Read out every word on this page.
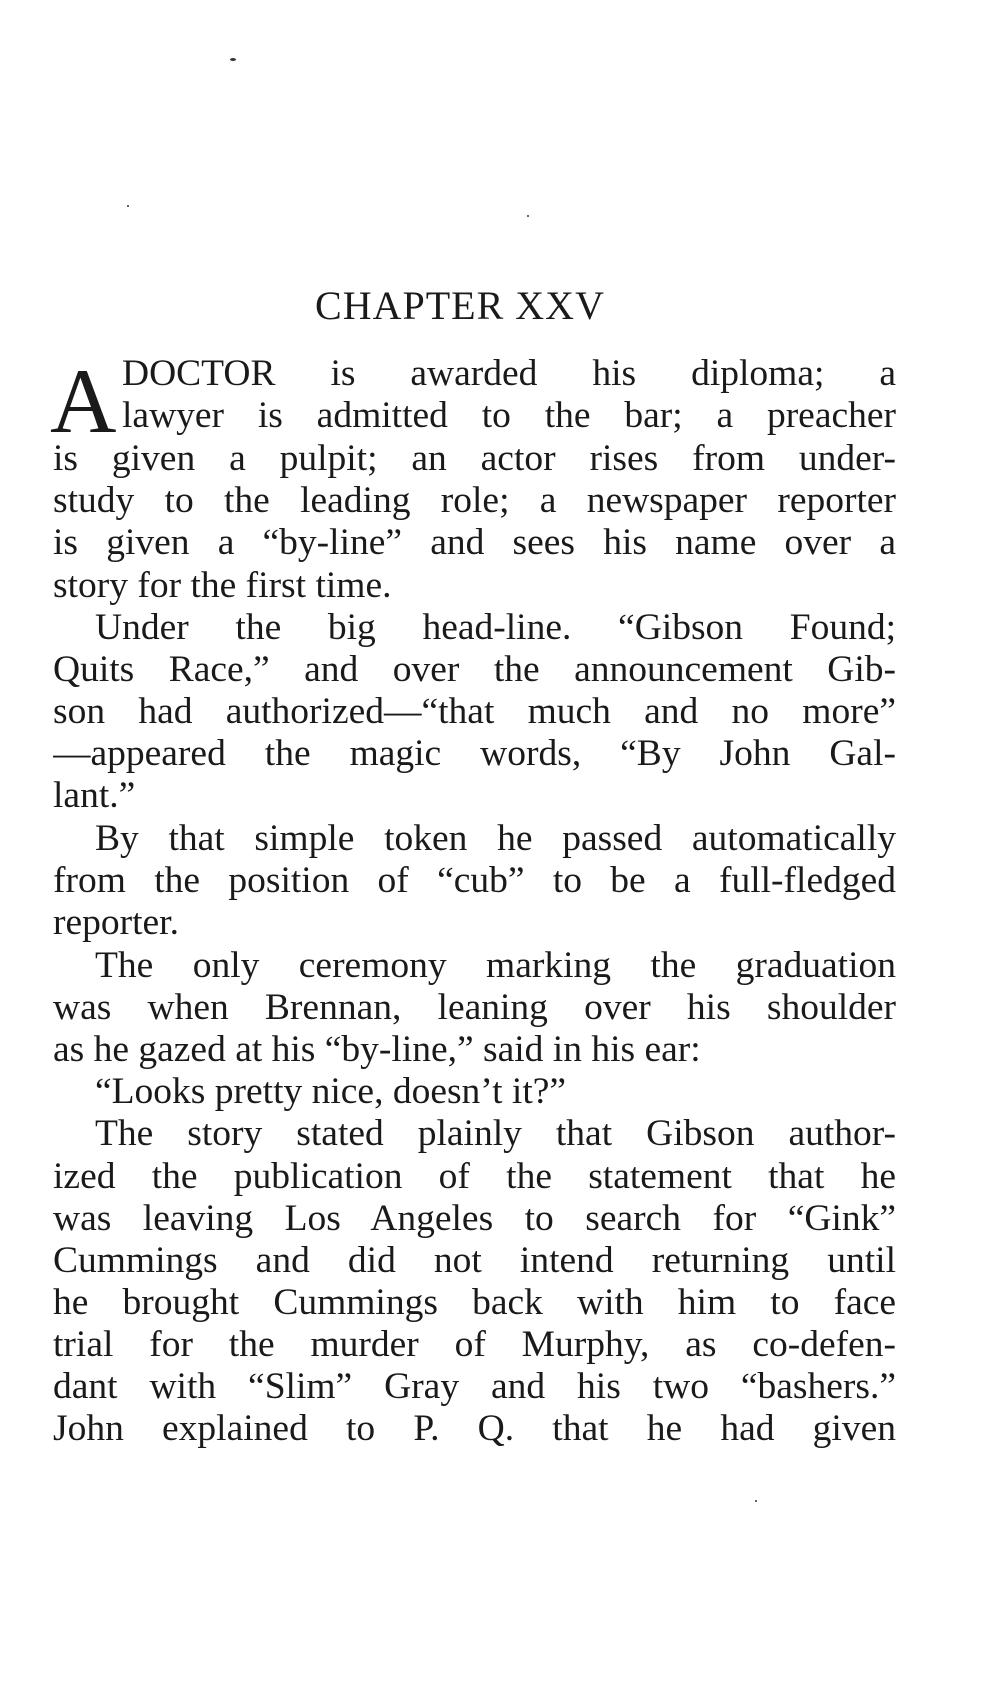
CHAPTER XXV
A DOCTOR is awarded his diploma; a
lawyer is admitted to the bar; a preacher
is given a pulpit; an actor rises from under-
study to the leading role; a newspaper reporter
is given a “by-line” and sees his name over a
story for the first time.
Under the big head-line. “Gibson Found;
Quits Race,” and over the announcement Gib-
son had authorized—“that much and no more”
—appeared the magic words, “By John Gal-
lant.”
By that simple token he passed automatically
from the position of “cub” to be a full-fledged
reporter.
The only ceremony marking the graduation
was when Brennan, leaning over his shoulder
as he gazed at his “by-line,” said in his ear:
“Looks pretty nice, doesn’t it?”
The story stated plainly that Gibson author-
ized the publication of the statement that he
was leaving Los Angeles to search for “Gink”
Cummings and did not intend returning until
he brought Cummings back with him to face
trial for the murder of Murphy, as co-defen-
dant with “Slim” Gray and his two “bashers.”
John explained to P. Q. that he had given
